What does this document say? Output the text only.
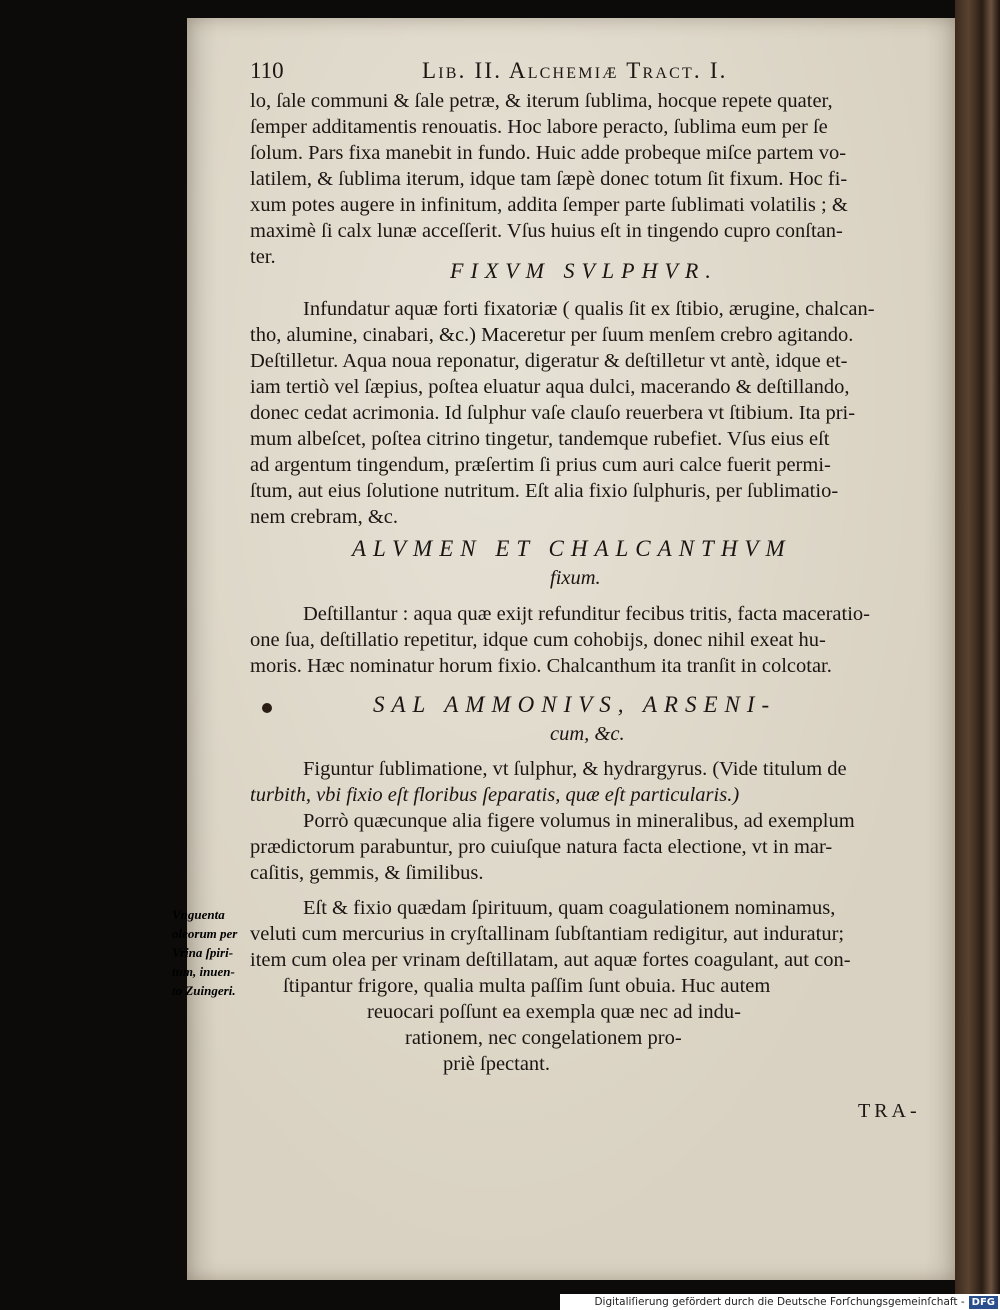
110	Lib. II. Alchemiæ Tract. I.
lo, ſale communi & ſale petræ, & iterum ſublima, hocque repete quater,
ſemper additamentis renouatis. Hoc labore peracto, ſublima eum per ſe
ſolum. Pars fixa manebit in fundo. Huic adde probeque miſce partem vo-
latilem, & ſublima iterum, idque tam ſæpè donec totum ſit fixum. Hoc fi-
xum potes augere in infinitum, addita ſemper parte ſublimati volatilis ; &
maximè ſi calx lunæ acceſſerit. Vſus huius eſt in tingendo cupro conſtan-
ter.
FIXVM SVLPHVR.
Infundatur aquæ forti fixatoriæ ( qualis ſit ex ſtibio, ærugine, chalcan-
tho, alumine, cinabari, &c.) Maceretur per ſuum menſem crebro agitando.
Deſtilletur. Aqua noua reponatur, digeratur & deſtilletur vt antè, idque et-
iam tertiò vel ſæpius, poſtea eluatur aqua dulci, macerando & deſtillando,
donec cedat acrimonia. Id ſulphur vaſe clauſo reuerbera vt ſtibium. Ita pri-
mum albeſcet, poſtea citrino tingetur, tandemque rubefiet. Vſus eius eſt
ad argentum tingendum, præſertim ſi prius cum auri calce fuerit permi-
ſtum, aut eius ſolutione nutritum. Eſt alia fixio ſulphuris, per ſublimatio-
nem crebram, &c.
ALVMEN ET CHALCANTHVM
fixum.
Deſtillantur : aqua quæ exijt refunditur fecibus tritis, facta maceratio-
one ſua, deſtillatio repetitur, idque cum cohobijs, donec nihil exeat hu-
moris. Hæc nominatur horum fixio. Chalcanthum ita tranſit in colcotar.
SAL AMMONIVS, ARSENI-
cum, &c.
Figuntur ſublimatione, vt ſulphur, & hydrargyrus. (Vide titulum de
turbith, vbi fixio eſt floribus ſeparatis, quæ eſt particularis.)
Porrò quæcunque alia figere volumus in mineralibus, ad exemplum
prædictorum parabuntur, pro cuiuſque natura facta electione, vt in mar-
caſitis, gemmis, & ſimilibus.
Eſt & fixio quædam ſpirituum, quam coagulationem nominamus,
veluti cum mercurius in cryſtallinam ſubſtantiam redigitur, aut induratur;
item cum olea per vrinam deſtillatam, aut aquæ fortes coagulant, aut con-
ſtipantur frigore, qualia multa paſſim ſunt obuia. Huc autem
reuocari poſſunt ea exempla quæ nec ad indu-
rationem, nec congelationem pro-
priè ſpectant.
TRA-
Vnguenta
oleorum per
Vrina ſpiri-
tum, inuen-
to Zuingeri.
Digitaliſierung gefördert durch die Deutsche Forſchungsgemeinſchaft - DFG
